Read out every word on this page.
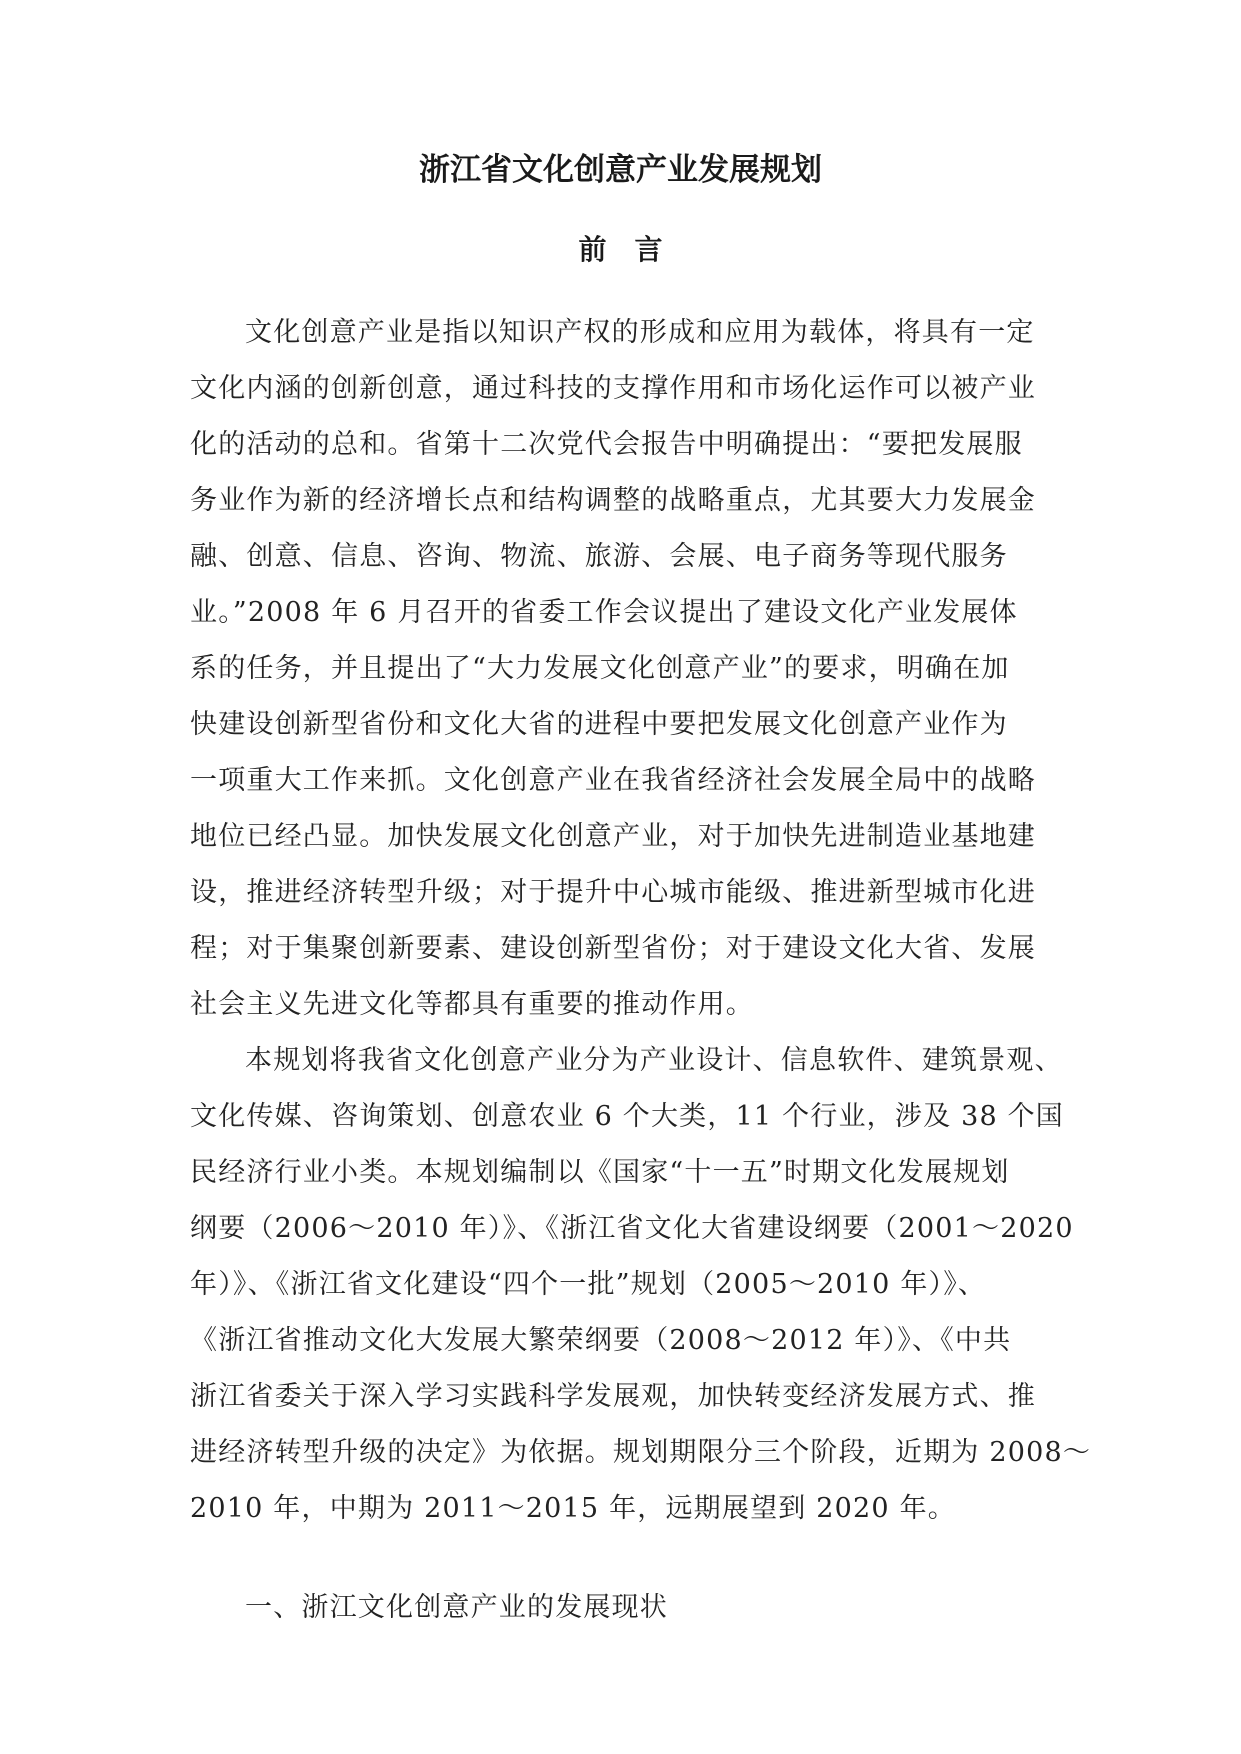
浙江省文化创意产业发展规划
前言
文化创意产业是指以知识产权的形成和应用为载体，将具有一定
文化内涵的创新创意，通过科技的支撑作用和市场化运作可以被产业
化的活动的总和。省第十二次党代会报告中明确提出：“要把发展服
务业作为新的经济增长点和结构调整的战略重点，尤其要大力发展金
融、创意、信息、咨询、物流、旅游、会展、电子商务等现代服务
业。”2008 年 6 月召开的省委工作会议提出了建设文化产业发展体
系的任务，并且提出了“大力发展文化创意产业”的要求，明确在加
快建设创新型省份和文化大省的进程中要把发展文化创意产业作为
一项重大工作来抓。文化创意产业在我省经济社会发展全局中的战略
地位已经凸显。加快发展文化创意产业，对于加快先进制造业基地建
设，推进经济转型升级；对于提升中心城市能级、推进新型城市化进
程；对于集聚创新要素、建设创新型省份；对于建设文化大省、发展
社会主义先进文化等都具有重要的推动作用。
本规划将我省文化创意产业分为产业设计、信息软件、建筑景观、
文化传媒、咨询策划、创意农业 6 个大类，11 个行业，涉及 38 个国
民经济行业小类。本规划编制以《国家“十一五”时期文化发展规划
纲要（2006～2010 年）》、《浙江省文化大省建设纲要（2001～2020
年）》、《浙江省文化建设“四个一批”规划（2005～2010 年）》、
《浙江省推动文化大发展大繁荣纲要（2008～2012 年）》、《中共
浙江省委关于深入学习实践科学发展观，加快转变经济发展方式、推
进经济转型升级的决定》为依据。规划期限分三个阶段，近期为 2008～
2010 年，中期为 2011～2015 年，远期展望到 2020 年。
一、浙江文化创意产业的发展现状
